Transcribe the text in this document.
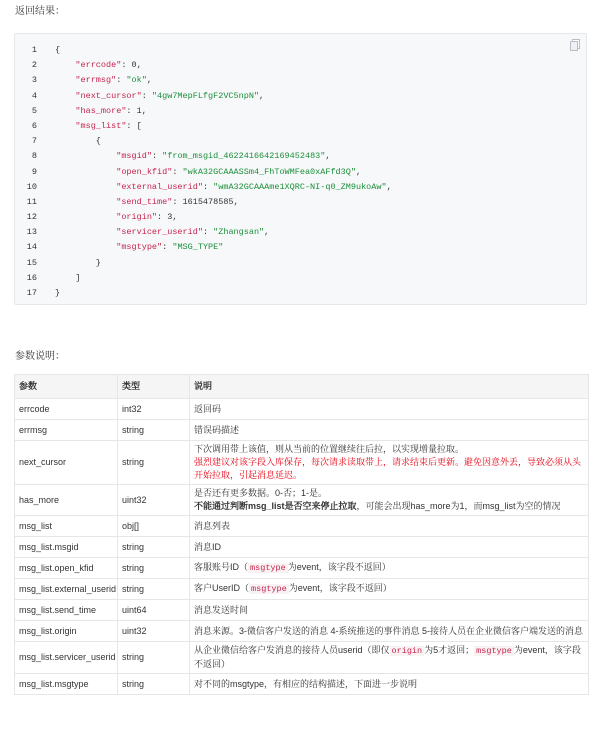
返回结果：
1	{
2	"errcode": 0,
3	"errmsg": "ok",
4	"next_cursor": "4gw7MepFLfgF2VC5npN",
5	"has_more": 1,
6	"msg_list": [
7	{
8	"msgid": "from_msgid_4622416642169452483",
9	"open_kfid": "wkA32GCAAASSm4_FhToWMFea0xAFfd3Q",
10	"external_userid": "wmA32GCAAAme1XQRC-NI-q0_ZM9ukoAw",
11	"send_time": 1615478585,
12	"origin": 3,
13	"servicer_userid": "Zhangsan",
14	"msgtype": "MSG_TYPE"
15	}
16	]
17	}
参数说明：
参数	类型	说明
errcode	int32	返回码

errmsg	string	错误码描述

next_cursor	string	下次调用带上该值，则从当前的位置继续往后拉，以实现增量拉取。
强烈建议对该字段入库保存，每次请求读取带上，请求结束后更新。避免因意外丢，导致必须从头开始拉取，引起消息延迟。

has_more	uint32	是否还有更多数据。0-否；1-是。
不能通过判断msg_list是否空来停止拉取，可能会出现has_more为1，而msg_list为空的情况

msg_list	obj[]	消息列表

msg_list.msgid	string	消息ID

msg_list.open_kfid	string	客服账号ID（ msgtype 为event，该字段不返回）

msg_list.external_userid	string	客户UserID（ msgtype 为event，该字段不返回）

msg_list.send_time	uint64	消息发送时间

msg_list.origin	uint32	消息来源。3-微信客户发送的消息 4-系统推送的事件消息 5-接待人员在企业微信客户端发送的消息

msg_list.servicer_userid	string	从企业微信给客户发消息的接待人员userid（即仅 origin 为5才返回； msgtype 为event，该字段不返回）

msg_list.msgtype	string	对不同的msgtype，有相应的结构描述，下面进一步说明
